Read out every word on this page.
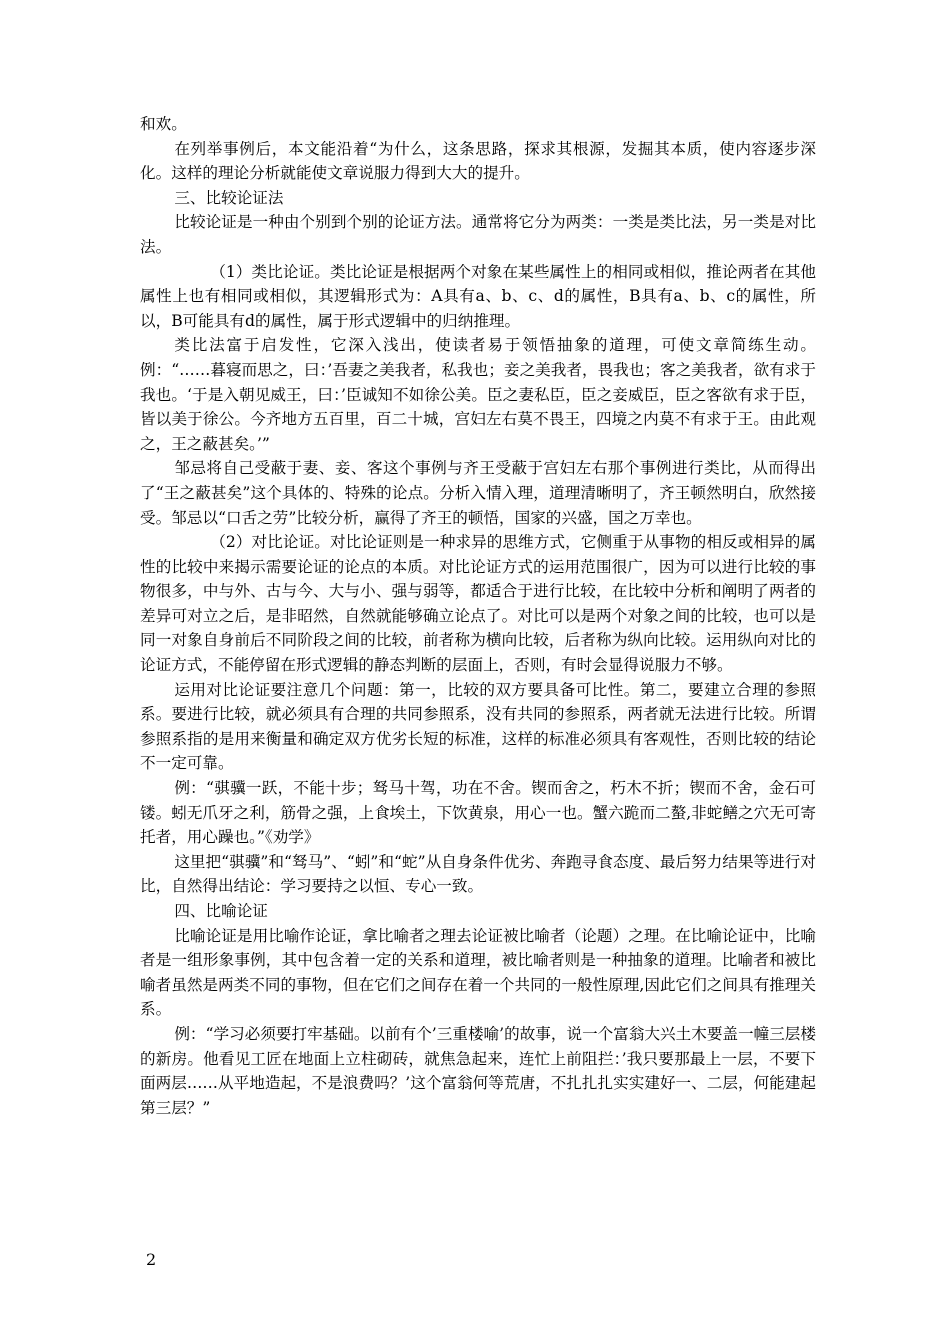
和欢。

在列举事例后，本文能沿着“为什么，这条思路，探求其根源，发掘其本质，使内容逐步深化。这样的理论分析就能使文章说服力得到大大的提升。

三、比较论证法

比较论证是一种由个别到个别的论证方法。通常将它分为两类：一类是类比法，另一类是对比法。

（1）类比论证。类比论证是根据两个对象在某些属性上的相同或相似，推论两者在其他属性上也有相同或相似，其逻辑形式为：A具有a、b、c、d的属性，B具有a、b、c的属性，所以，B可能具有d的属性，属于形式逻辑中的归纳推理。

类比法富于启发性，它深入浅出，使读者易于领悟抽象的道理，可使文章简练生动。例：“……暮寝而思之，曰：’吾妻之美我者，私我也；妾之美我者，畏我也；客之美我者，欲有求于我也。‘于是入朝见威王，曰：’臣诚知不如徐公美。臣之妻私臣，臣之妾威臣，臣之客欲有求于臣，皆以美于徐公。今齐地方五百里，百二十城，宫妇左右莫不畏王，四境之内莫不有求于王。由此观之，王之蔽甚矣。’”

邹忌将自己受蔽于妻、妾、客这个事例与齐王受蔽于宫妇左右那个事例进行类比，从而得出了“王之蔽甚矣”这个具体的、特殊的论点。分析入情入理，道理清晰明了，齐王顿然明白，欣然接受。邹忌以“口舌之劳”比较分析，赢得了齐王的顿悟，国家的兴盛，国之万幸也。

（2）对比论证。对比论证则是一种求异的思维方式，它侧重于从事物的相反或相异的属性的比较中来揭示需要论证的论点的本质。对比论证方式的运用范围很广，因为可以进行比较的事物很多，中与外、古与今、大与小、强与弱等，都适合于进行比较，在比较中分析和阐明了两者的差异可对立之后，是非昭然，自然就能够确立论点了。对比可以是两个对象之间的比较，也可以是同一对象自身前后不同阶段之间的比较，前者称为横向比较，后者称为纵向比较。运用纵向对比的论证方式，不能停留在形式逻辑的静态判断的层面上，否则，有时会显得说服力不够。

运用对比论证要注意几个问题：第一，比较的双方要具备可比性。第二，要建立合理的参照系。要进行比较，就必须具有合理的共同参照系，没有共同的参照系，两者就无法进行比较。所谓参照系指的是用来衡量和确定双方优劣长短的标准，这样的标准必须具有客观性，否则比较的结论不一定可靠。

例：“骐骥一跃，不能十步；驽马十驾，功在不舍。锲而舍之，朽木不折；锲而不舍，金石可镂。蚓无爪牙之利，筋骨之强，上食埃土，下饮黄泉，用心一也。蟹六跪而二螯,非蛇鳝之穴无可寄托者，用心躁也。”《劝学》

这里把“骐骥”和“驽马”、“蚓”和“蛇”从自身条件优劣、奔跑寻食态度、最后努力结果等进行对比，自然得出结论：学习要持之以恒、专心一致。

四、比喻论证

比喻论证是用比喻作论证，拿比喻者之理去论证被比喻者（论题）之理。在比喻论证中，比喻者是一组形象事例，其中包含着一定的关系和道理，被比喻者则是一种抽象的道理。比喻者和被比喻者虽然是两类不同的事物，但在它们之间存在着一个共同的一般性原理,因此它们之间具有推理关系。

例：“学习必须要打牢基础。以前有个’三重楼喻’的故事，说一个富翁大兴土木要盖一幢三层楼的新房。他看见工匠在地面上立柱砌砖，就焦急起来，连忙上前阻拦：’我只要那最上一层，不要下面两层……从平地造起，不是浪费吗？’这个富翁何等荒唐，不扎扎扎实实建好一、二层，何能建起第三层？”

2
